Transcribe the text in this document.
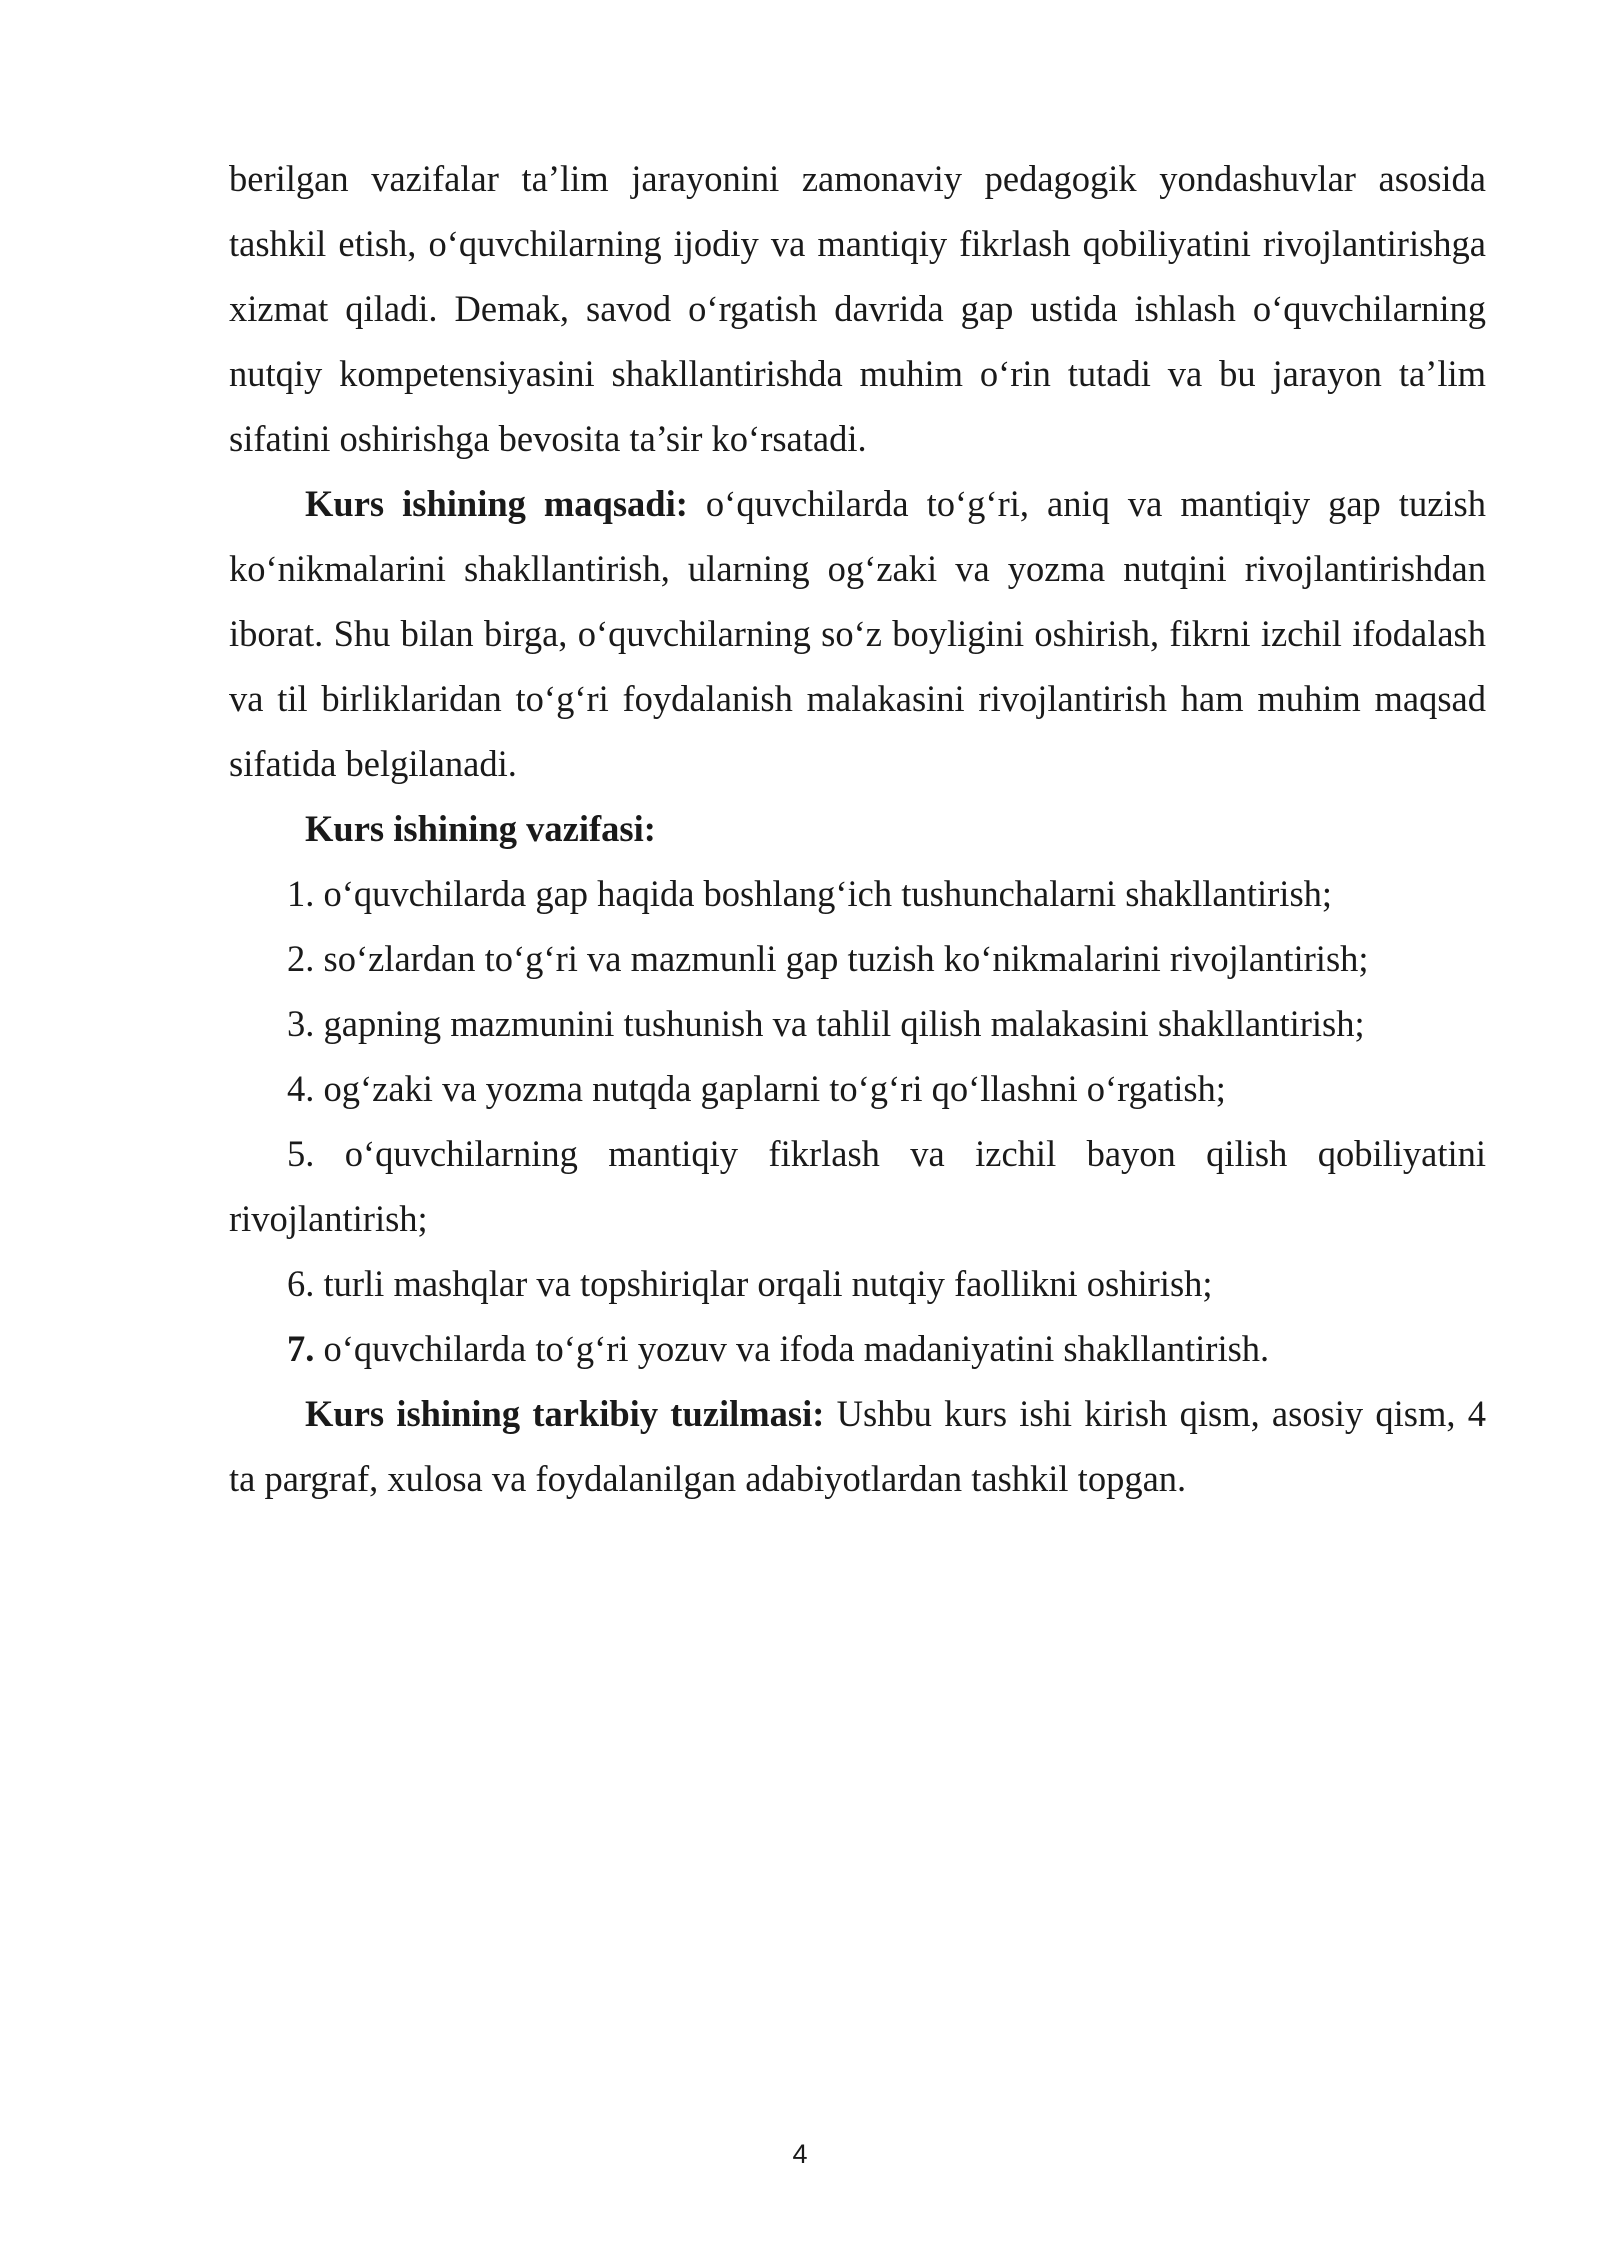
berilgan vazifalar ta’lim jarayonini zamonaviy pedagogik yondashuvlar asosida tashkil etish, o‘quvchilarning ijodiy va mantiqiy fikrlash qobiliyatini rivojlantirishga xizmat qiladi. Demak, savod o‘rgatish davrida gap ustida ishlash o‘quvchilarning nutqiy kompetensiyasini shakllantirishda muhim o‘rin tutadi va bu jarayon ta’lim sifatini oshirishga bevosita ta’sir ko‘rsatadi.

Kurs ishining maqsadi: o‘quvchilarda to‘g‘ri, aniq va mantiqiy gap tuzish ko‘nikmalarini shakllantirish, ularning og‘zaki va yozma nutqini rivojlantirishdan iborat. Shu bilan birga, o‘quvchilarning so‘z boyligini oshirish, fikrni izchil ifodalash va til birliklaridan to‘g‘ri foydalanish malakasini rivojlantirish ham muhim maqsad sifatida belgilanadi.

Kurs ishining vazifasi:

1. o‘quvchilarda gap haqida boshlang‘ich tushunchalarni shakllantirish;

2. so‘zlardan to‘g‘ri va mazmunli gap tuzish ko‘nikmalarini rivojlantirish;

3. gapning mazmunini tushunish va tahlil qilish malakasini shakllantirish;

4. og‘zaki va yozma nutqda gaplarni to‘g‘ri qo‘llashni o‘rgatish;

5. o‘quvchilarning mantiqiy fikrlash va izchil bayon qilish qobiliyatini rivojlantirish;

6. turli mashqlar va topshiriqlar orqali nutqiy faollikni oshirish;

7. o‘quvchilarda to‘g‘ri yozuv va ifoda madaniyatini shakllantirish.

Kurs ishining tarkibiy tuzilmasi: Ushbu kurs ishi kirish qism, asosiy qism, 4 ta pargraf, xulosa va foydalanilgan adabiyotlardan tashkil topgan.

4
